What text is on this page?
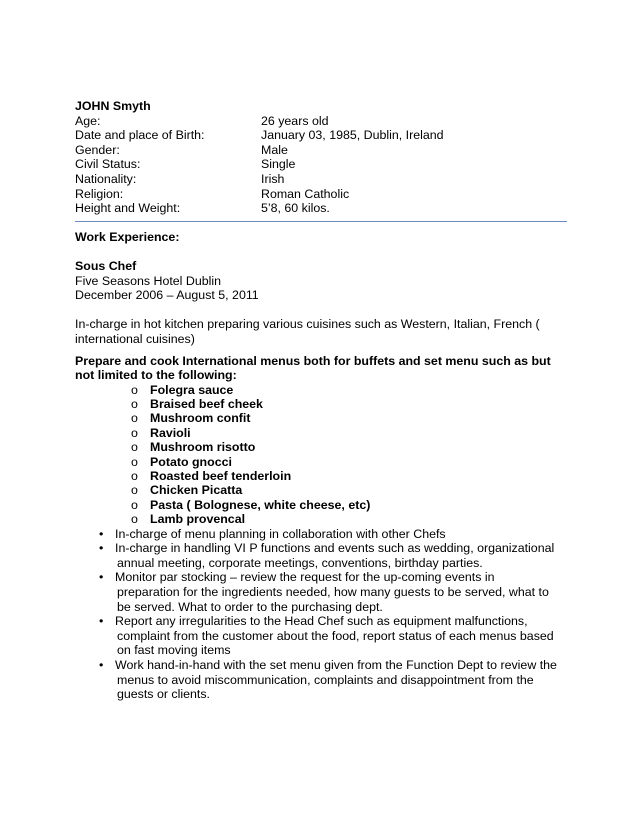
JOHN Smyth
Age:	26 years old
Date and place of Birth:	January 03, 1985, Dublin, Ireland
Gender:	Male
Civil Status:	Single
Nationality:	Irish
Religion:	Roman Catholic
Height and Weight:	5’8, 60 kilos.
Work Experience:
Sous Chef
Five Seasons Hotel Dublin
December 2006 – August 5, 2011
In-charge in hot kitchen preparing various cuisines such as Western, Italian, French (
international cuisines)
Prepare and cook International menus both for buffets and set menu such as but
not limited to the following:
o Folegra sauce
o Braised beef cheek
o Mushroom confit
o Ravioli
o Mushroom risotto
o Potato gnocci
o Roasted beef tenderloin
o Chicken Picatta
o Pasta ( Bolognese, white cheese, etc)
o Lamb provencal
• In-charge of menu planning in collaboration with other Chefs
• In-charge in handling VI P functions and events such as wedding, organizational
annual meeting, corporate meetings, conventions, birthday parties.
• Monitor par stocking – review the request for the up-coming events in
preparation for the ingredients needed, how many guests to be served, what to
be served. What to order to the purchasing dept.
• Report any irregularities to the Head Chef such as equipment malfunctions,
complaint from the customer about the food, report status of each menus based
on fast moving items
• Work hand-in-hand with the set menu given from the Function Dept to review the
menus to avoid miscommunication, complaints and disappointment from the
guests or clients.
